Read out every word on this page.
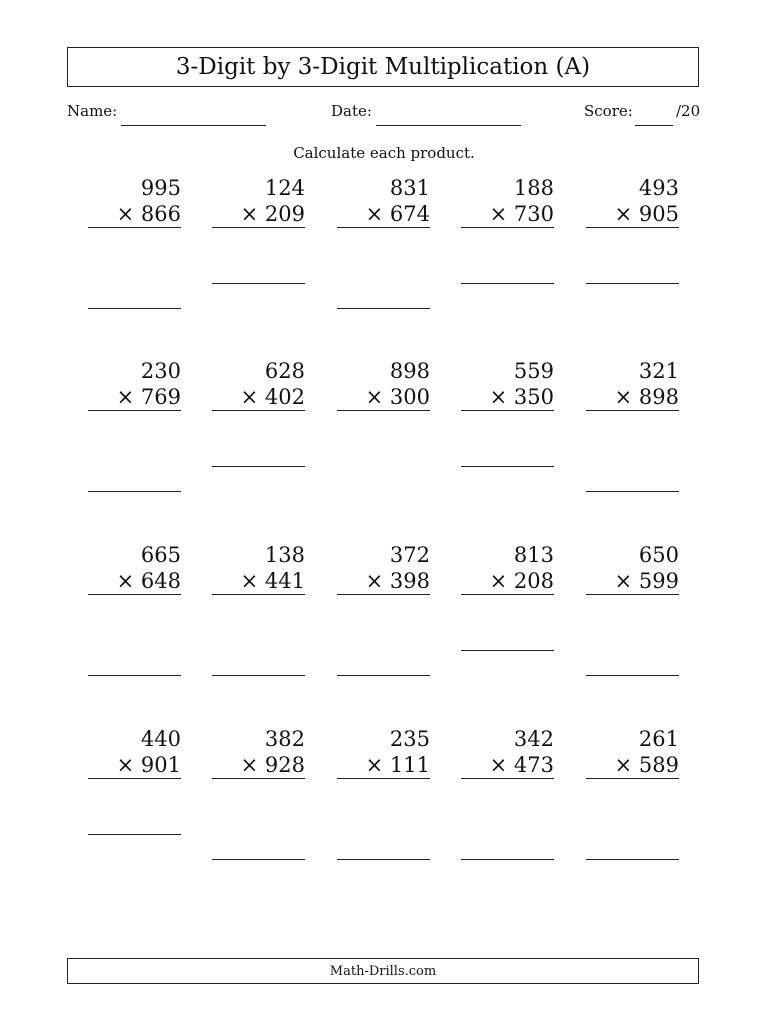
3-Digit by 3-Digit Multiplication (A)
Name:	Date:	Score:	/20
Calculate each product.
995
× 866
124
× 209
831
× 674
188
× 730
493
× 905
230
× 769
628
× 402
898
× 300
559
× 350
321
× 898
665
× 648
138
× 441
372
× 398
813
× 208
650
× 599
440
× 901
382
× 928
235
× 111
342
× 473
261
× 589
Math-Drills.com
